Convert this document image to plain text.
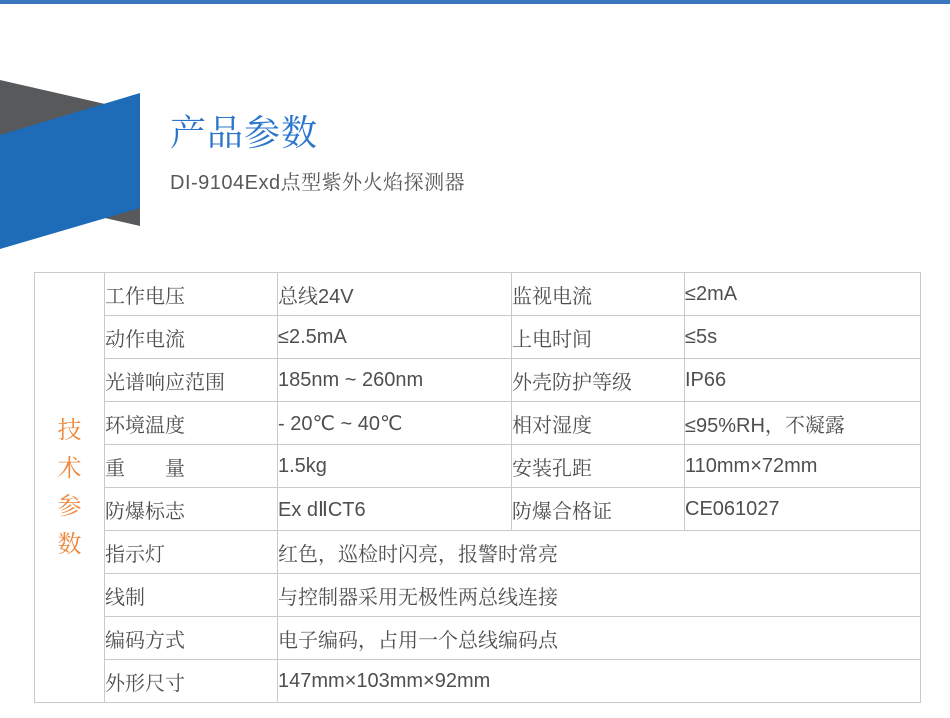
产品参数
DI-9104Exd点型紫外火焰探测器
技
术
参
数	工作电压	总线24V	监视电流	≤2mA
	动作电流	≤2.5mA	上电时间	≤5s
	光谱响应范围	185nm ~ 260nm	外壳防护等级	IP66
	环境温度	- 20℃ ~ 40℃	相对湿度	≤95%RH，不凝露
	重　　量	1.5kg	安装孔距	110mm×72mm
	防爆标志	Ex dⅡCT6	防爆合格证	CE061027
	指示灯	红色，巡检时闪亮，报警时常亮		
	线制	与控制器采用无极性两总线连接		
	编码方式	电子编码，占用一个总线编码点		
	外形尺寸	147mm×103mm×92mm		
